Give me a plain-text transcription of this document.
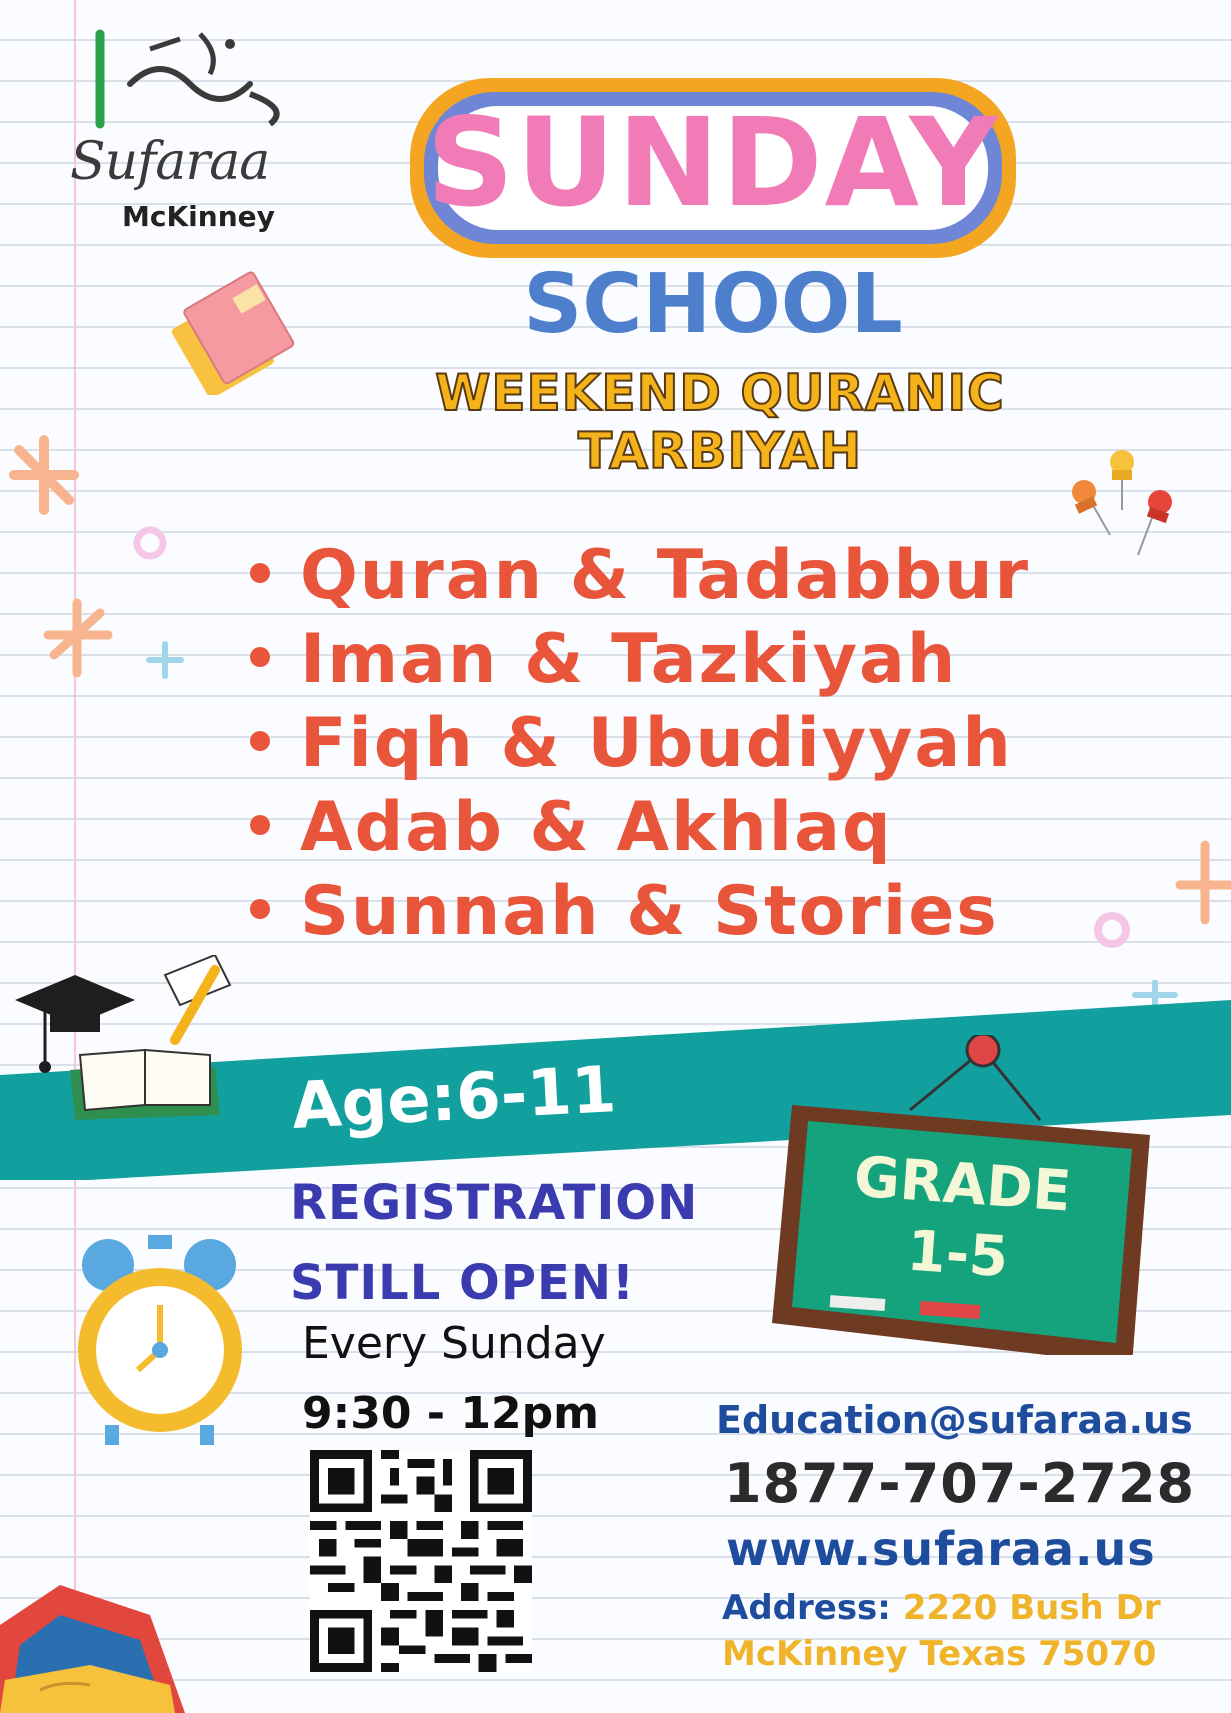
Sufaraa
McKinney SUNDAY
SCHOOL
WEEKEND QURANIC
TARBIYAH
Quran & Tadabbur
Iman & Tazkiyah
Fiqh & Ubudiyyah
Adab & Akhlaq
Sunnah & Stories
Age:6-11
REGISTRATION
STILL OPEN!
Every Sunday
9:30 - 12pm
GRADE
1-5
Education@sufaraa.us
1877-707-2728
www.sufaraa.us
Address: 2220 Bush Dr
McKinney Texas 75070
